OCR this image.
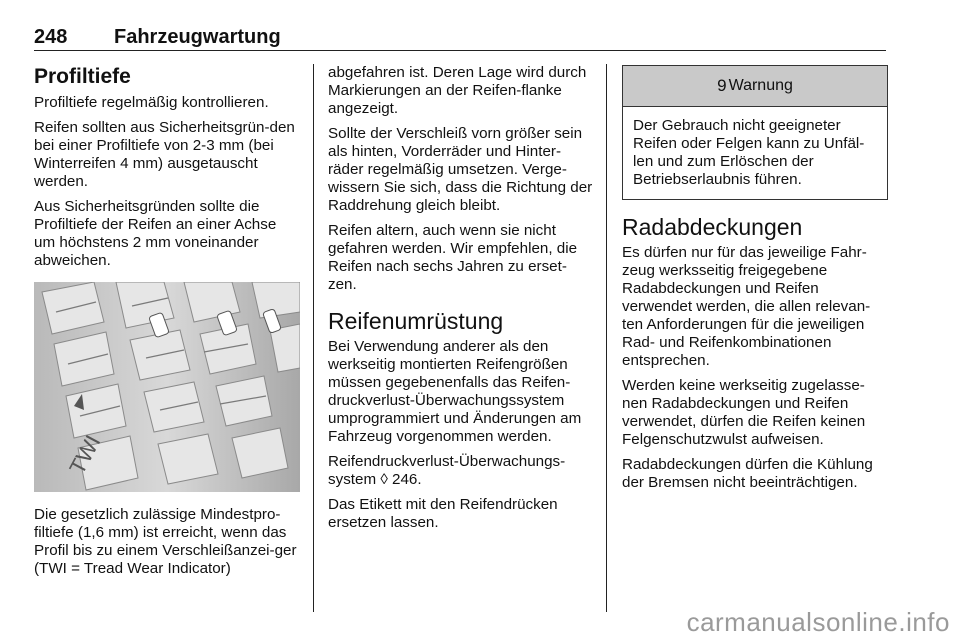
248 Fahrzeugwartung
Profiltiefe

Profiltiefe regelmäßig kontrollieren.

Reifen sollten aus Sicherheitsgrün-den bei einer Profiltiefe von 2-3 mm (bei Winterreifen 4 mm) ausgetauscht werden.

Aus Sicherheitsgründen sollte die Profiltiefe der Reifen an einer Achse um höchstens 2 mm voneinander abweichen.

TWI

Die gesetzlich zulässige Mindestpro-filtiefe (1,6 mm) ist erreicht, wenn das Profil bis zu einem Verschleißanzei-ger (TWI = Tread Wear Indicator)

abgefahren ist. Deren Lage wird durch Markierungen an der Reifen-flanke angezeigt.

Sollte der Verschleiß vorn größer sein als hinten, Vorderräder und Hinter-räder regelmäßig umsetzen. Verge-wissern Sie sich, dass die Richtung der Raddrehung gleich bleibt.

Reifen altern, auch wenn sie nicht gefahren werden. Wir empfehlen, die Reifen nach sechs Jahren zu erset-zen.

Reifenumrüstung

Bei Verwendung anderer als den werkseitig montierten Reifengrößen müssen gegebenenfalls das Reifen-druckverlust-Überwachungssystem umprogrammiert und Änderungen am Fahrzeug vorgenommen werden.

Reifendruckverlust-Überwachungs-system ◊ 246.

Das Etikett mit den Reifendrücken ersetzen lassen.

9 Warnung

Der Gebrauch nicht geeigneter Reifen oder Felgen kann zu Unfäl-len und zum Erlöschen der Betriebserlaubnis führen.

Radabdeckungen

Es dürfen nur für das jeweilige Fahr-zeug werksseitig freigegebene Radabdeckungen und Reifen verwendet werden, die allen relevan-ten Anforderungen für die jeweiligen Rad- und Reifenkombinationen entsprechen.

Werden keine werkseitig zugelasse-nen Radabdeckungen und Reifen verwendet, dürfen die Reifen keinen Felgenschutzwulst aufweisen.

Radabdeckungen dürfen die Kühlung der Bremsen nicht beeinträchtigen.

carmanualsonline.info
